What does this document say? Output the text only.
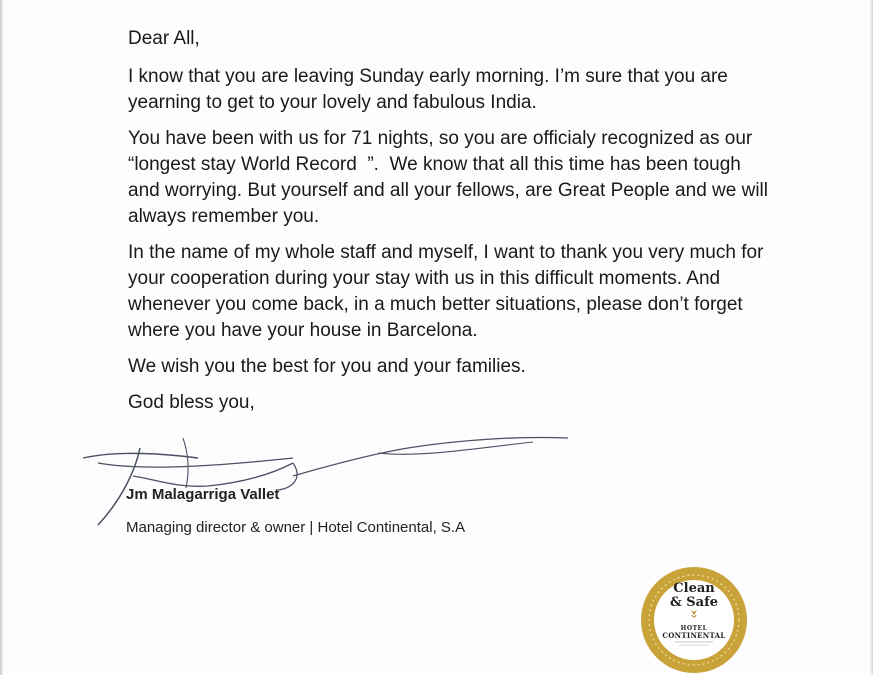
Dear All,

I know that you are leaving Sunday early morning. I’m sure that you are yearning to get to your lovely and fabulous India.

You have been with us for 71 nights, so you are officialy recognized as our “longest stay World Record  ”.  We know that all this time has been tough and worrying. But yourself and all your fellows, are Great People and we will always remember you.

In the name of my whole staff and myself, I want to thank you very much for your cooperation during your stay with us in this difficult moments. And whenever you come back, in a much better situations, please don’t forget where you have your house in Barcelona.

We wish you the best for you and your families.

God bless you,

Jm Malagarriga Vallet
Managing director & owner | Hotel Continental, S.A
Clean
& Safe
HOTEL
CONTINENTAL
